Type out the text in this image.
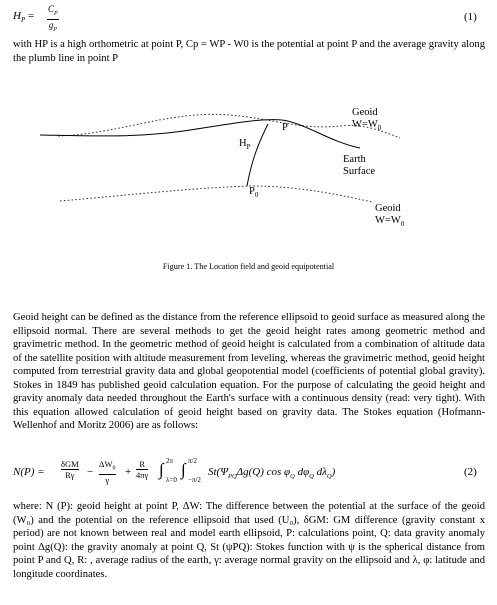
$H_P$ =
$C_P$
$g_P$
(1)
with HP is a high orthometric at point P, Cp = WP - W0 is the potential at point P and the average gravity along the plumb line in point P
Geoid
$W=W_0$
P
$H_P$
Earth
Surface
$P_0$
Geoid
$W=W_0$
Figure 1. The Location field and geoid equipotential
Geoid height can be defined as the distance from the reference ellipsoid to geoid surface as measured along the ellipsoid normal. There are several methods to get the geoid height rates among geometric method and gravimetric method. In the geometric method of geoid height is calculated from a combination of altitude data of the satellite position with altitude measurement from leveling, whereas the gravimetric method, geoid height computed from terrestrial gravity data and global geopotential model (coefficients of potential global gravity). Stokes in 1849 has published geoid calculation equation. For the purpose of calculating the geoid height and gravity anomaly data needed throughout the Earth's surface with a continuous density (read: very tight). With this equation allowed calculation of geoid height based on gravity data. The Stokes equation (Hofmann-Wellenhof and Moritz 2006) are as follows:
N(P) =
δGM
Rγ	−
$\Delta W_0$
γ
+ $\frac{R}{4\pi\gamma}$ ∫ 2π
λ=0
∫ π/2
−π/2
$St(\Psi_{PQ}\Delta g(Q)$ $\cos \varphi_Q$ $d\varphi_Q$ $d\lambda_Q$)	(2)
where: N (P): geoid height at point P, ΔW: The difference between the potential at the surface of the geoid (W₀) and the potential on the reference ellipsoid that used (U₀), δGM: GM difference (gravity constant x period) are not known between real and model earth ellipsoid, P: calculations point, Q: data gravity anomaly point Δg(Q): the gravity anomaly at point Q, St (ψPQ): Stokes function with ψ is the spherical distance from point P and Q, R: , average radius of the earth, γ: average normal gravity on the ellipsoid and λ, φ: latitude and longitude coordinates.
